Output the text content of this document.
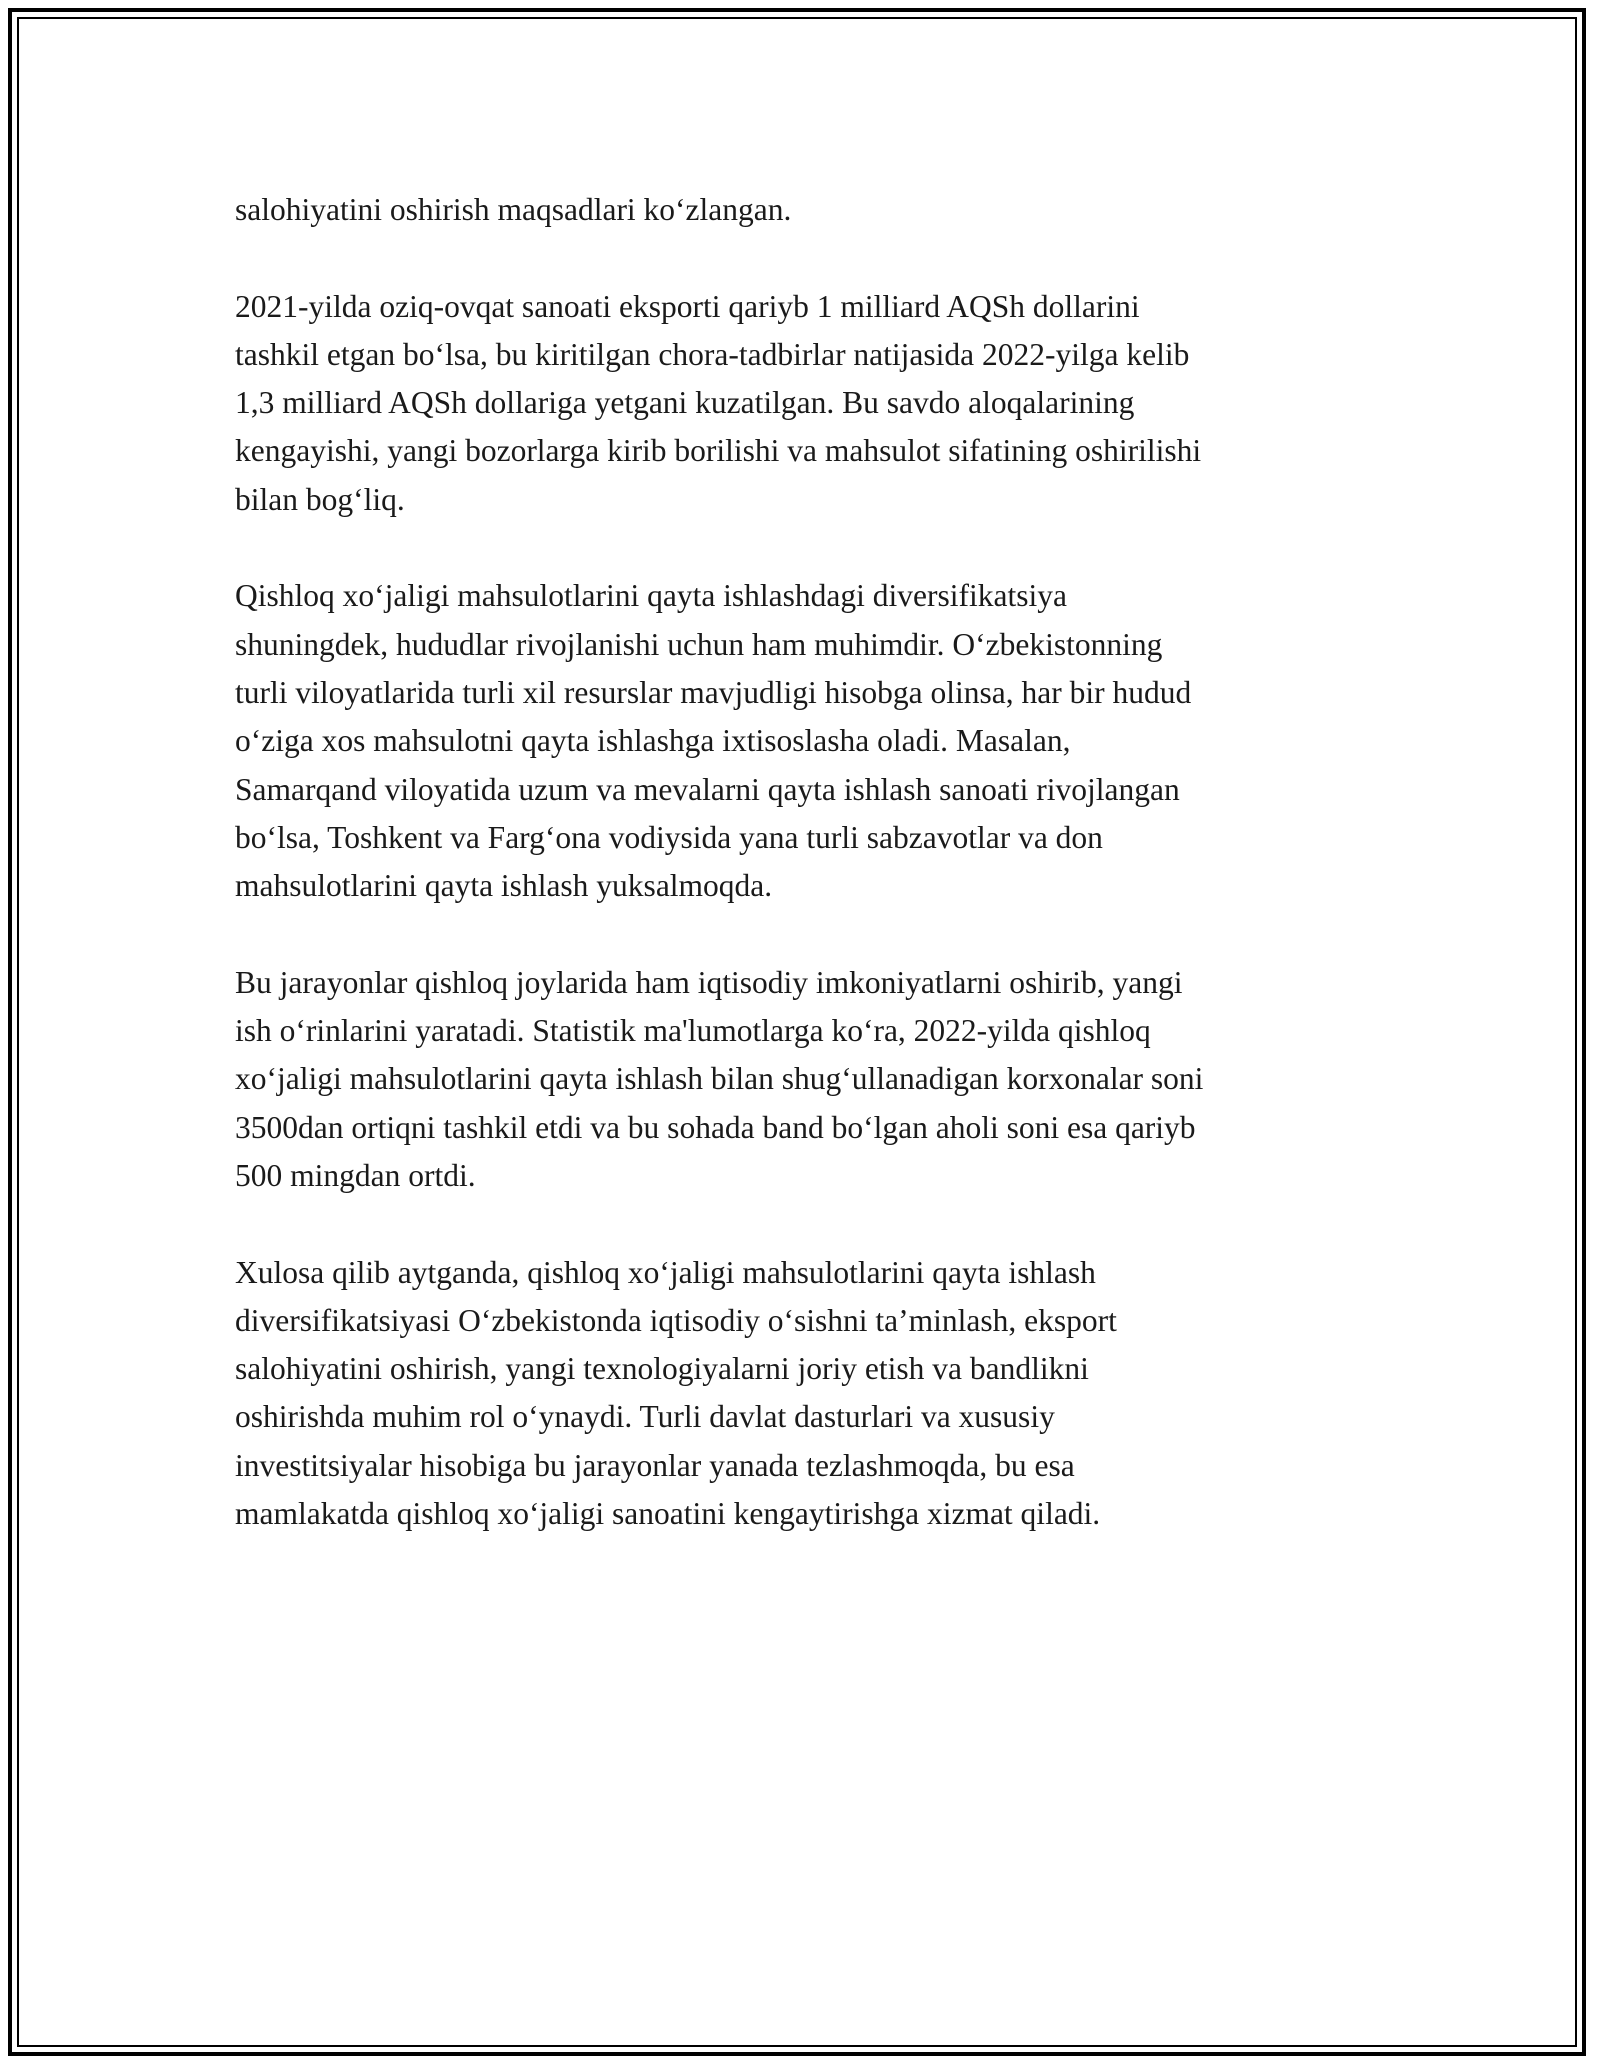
salohiyatini oshirish maqsadlari ko‘zlangan.

2021-yilda oziq-ovqat sanoati eksporti qariyb 1 milliard AQSh dollarini
tashkil etgan bo‘lsa, bu kiritilgan chora-tadbirlar natijasida 2022-yilga kelib
1,3 milliard AQSh dollariga yetgani kuzatilgan. Bu savdo aloqalarining
kengayishi, yangi bozorlarga kirib borilishi va mahsulot sifatining oshirilishi
bilan bog‘liq.

Qishloq xo‘jaligi mahsulotlarini qayta ishlashdagi diversifikatsiya
shuningdek, hududlar rivojlanishi uchun ham muhimdir. O‘zbekistonning
turli viloyatlarida turli xil resurslar mavjudligi hisobga olinsa, har bir hudud
o‘ziga xos mahsulotni qayta ishlashga ixtisoslasha oladi. Masalan,
Samarqand viloyatida uzum va mevalarni qayta ishlash sanoati rivojlangan
bo‘lsa, Toshkent va Farg‘ona vodiysida yana turli sabzavotlar va don
mahsulotlarini qayta ishlash yuksalmoqda.

Bu jarayonlar qishloq joylarida ham iqtisodiy imkoniyatlarni oshirib, yangi
ish o‘rinlarini yaratadi. Statistik ma'lumotlarga ko‘ra, 2022-yilda qishloq
xo‘jaligi mahsulotlarini qayta ishlash bilan shug‘ullanadigan korxonalar soni
3500dan ortiqni tashkil etdi va bu sohada band bo‘lgan aholi soni esa qariyb
500 mingdan ortdi.

Xulosa qilib aytganda, qishloq xo‘jaligi mahsulotlarini qayta ishlash
diversifikatsiyasi O‘zbekistonda iqtisodiy o‘sishni ta’minlash, eksport
salohiyatini oshirish, yangi texnologiyalarni joriy etish va bandlikni
oshirishda muhim rol o‘ynaydi. Turli davlat dasturlari va xususiy
investitsiyalar hisobiga bu jarayonlar yanada tezlashmoqda, bu esa
mamlakatda qishloq xo‘jaligi sanoatini kengaytirishga xizmat qiladi.
